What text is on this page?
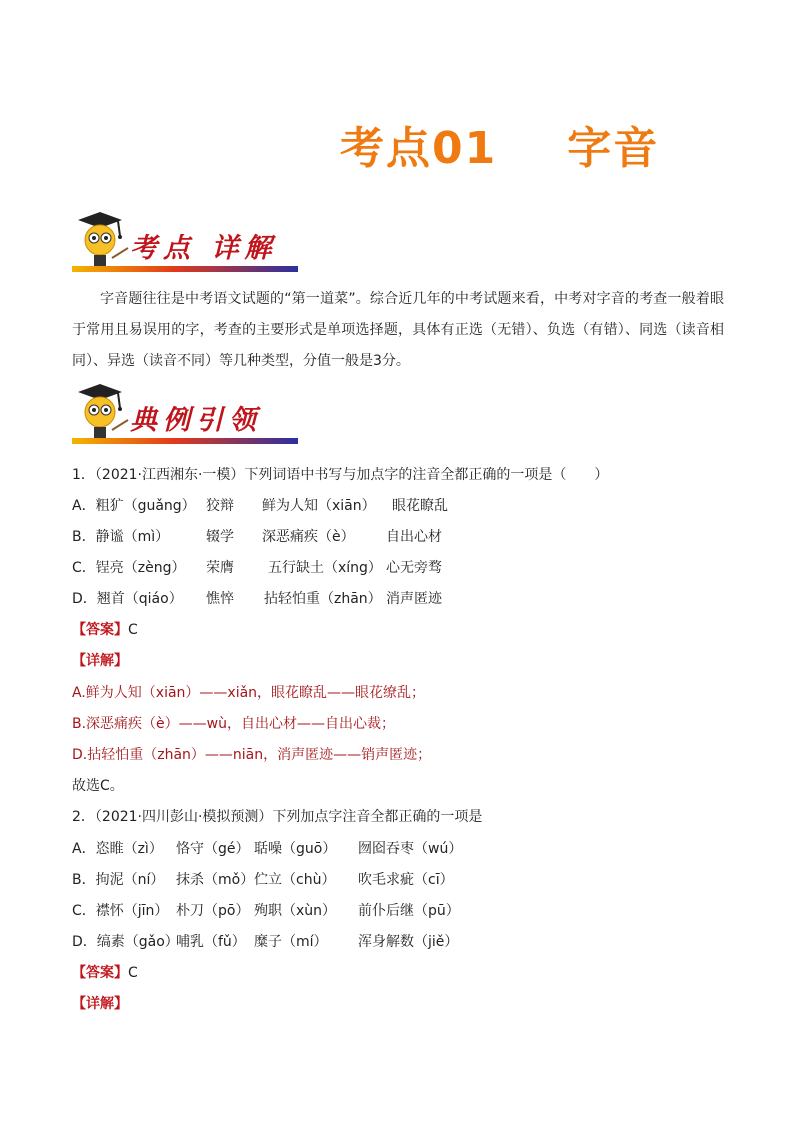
考点01 字音
考点 详解
字音题往往是中考语文试题的“第一道菜”。综合近几年的中考试题来看，中考对字音的考查一般着眼于常用且易误用的字，考查的主要形式是单项选择题，具体有正选（无错）、负选（有错）、同选（读音相同）、异选（读音不同）等几种类型，分值一般是3分。
典例引领
1．（2021·江西湘东·一模）下列词语中书写与加点字的注音全都正确的一项是（　　）
A．粗犷（guǎng） 狡辩 鲜为人知（xiān） 眼花瞭乱
B．静谧（mì）	辍学 深恶痛疾（è） 自出心材
C．锃亮（zèng） 荣膺 五行缺土（xíng） 心无旁骛
D．翘首（qiáo） 憔悴 拈轻怕重（zhān） 消声匿迹
【答案】C
【详解】
A.鲜为人知（xiān）——xiǎn，眼花瞭乱——眼花缭乱；
B.深恶痛疾（è）——wù，自出心材——自出心裁；
D.拈轻怕重（zhān）——niān，消声匿迹——销声匿迹；
故选C。
2．（2021·四川彭山·模拟预测）下列加点字注音全都正确的一项是
A．恣睢（zì） 恪守（gé） 聒噪（guō） 囫囵吞枣（wú）
B．拘泥（ní） 抹杀（mǒ）伫立（chù） 吹毛求疵（cī）
C．襟怀（jīn） 朴刀（pō） 殉职（xùn） 前仆后继（pū）
D．缟素（gǎo）哺乳（fǔ） 糜子（mí） 浑身解数（jiě）
【答案】C
【详解】
